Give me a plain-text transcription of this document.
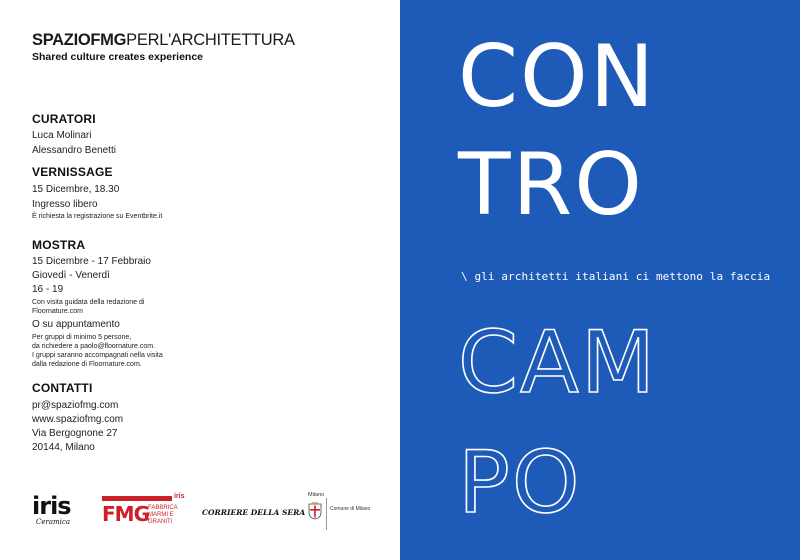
SPAZIOFMGPERL'ARCHITETTURA
Shared culture creates experience
CURATORI
Luca Molinari
Alessandro Benetti
VERNISSAGE
15 Dicembre, 18.30
Ingresso libero
È richiesta la registrazione su Eventbrite.it
MOSTRA
15 Dicembre - 17 Febbraio
Giovedì - Venerdì
16 - 19
Con visita guidata della redazione di
Floornature.com
O su appuntamento
Per gruppi di minimo 5 persone,
da richiedere a paolo@floornature.com.
I gruppi saranno accompagnati nella visita
dalla redazione di Floornature.com.
CONTATTI
pr@spaziofmg.com
www.spaziofmg.com
Via Bergognone 27
20144, Milano
iris
Ceramica
iris
FMG FABBRICA MARMI E GRANITI
CORRIERE DELLA SERA
Milano
Comune di Milano
CON
TRO
\ gli architetti italiani ci mettono la faccia
CAM
PO
